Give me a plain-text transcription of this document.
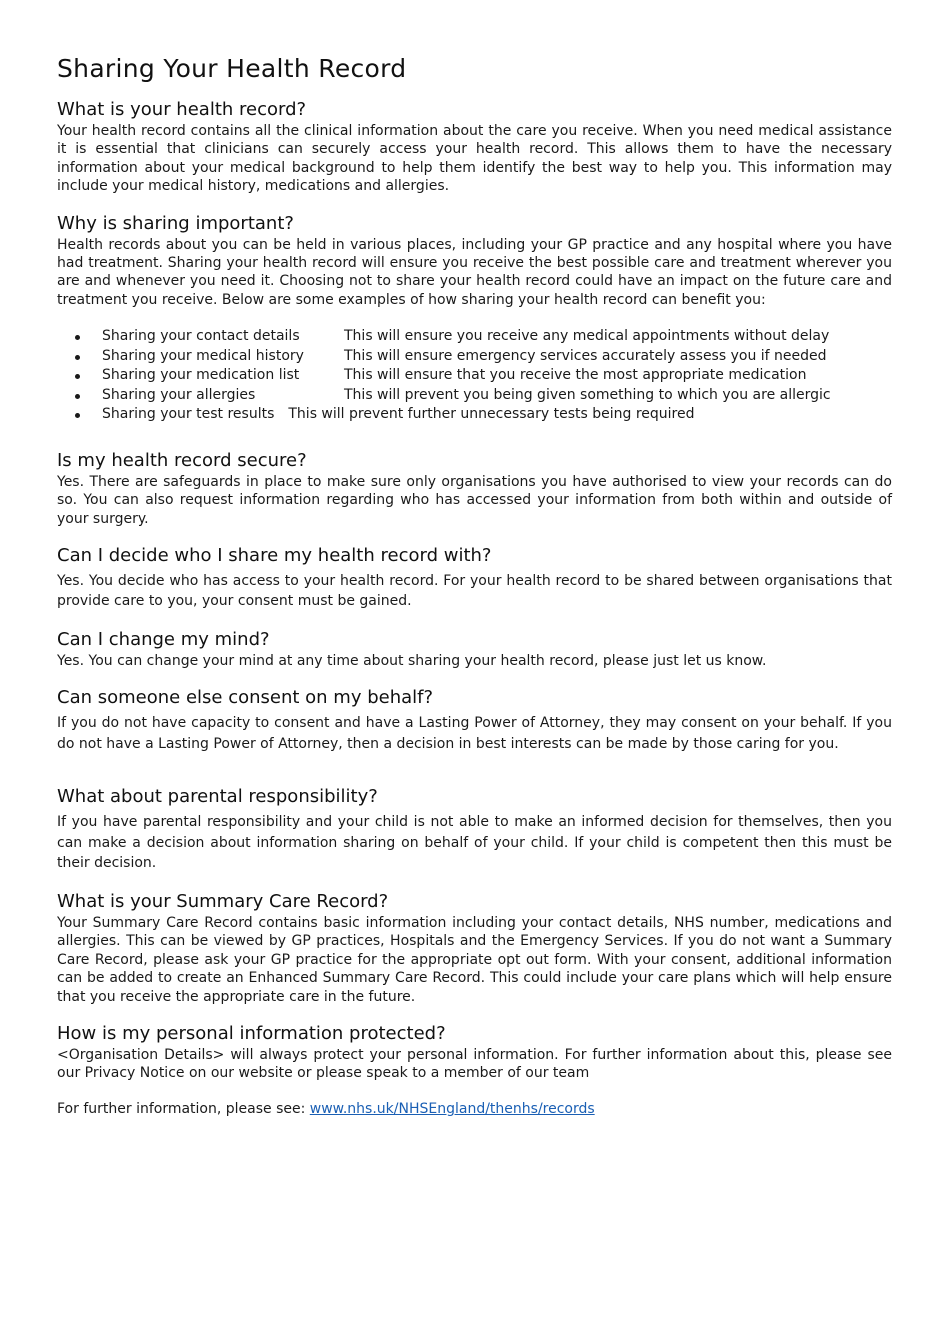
Sharing Your Health Record
What is your health record?

Your health record contains all the clinical information about the care you receive. When you need medical assistance it is essential that clinicians can securely access your health record. This allows them to have the necessary information about your medical background to help them identify the best way to help you. This information may include your medical history, medications and allergies.

Why is sharing important?

Health records about you can be held in various places, including your GP practice and any hospital where you have had treatment. Sharing your health record will ensure you receive the best possible care and treatment wherever you are and whenever you need it. Choosing not to share your health record could have an impact on the future care and treatment you receive. Below are some examples of how sharing your health record can benefit you:

Sharing your contact details	This will ensure you receive any medical appointments without delay
Sharing your medical history	This will ensure emergency services accurately assess you if needed
Sharing your medication list	This will ensure that you receive the most appropriate medication
Sharing your allergies	This will prevent you being given something to which you are allergic
Sharing your test results This will prevent further unnecessary tests being required
Is my health record secure?

Yes. There are safeguards in place to make sure only organisations you have authorised to view your records can do so. You can also request information regarding who has accessed your information from both within and outside of your surgery.

Can I decide who I share my health record with?

Yes. You decide who has access to your health record. For your health record to be shared between organisations that provide care to you, your consent must be gained.

Can I change my mind?

Yes. You can change your mind at any time about sharing your health record, please just let us know.

Can someone else consent on my behalf?

If you do not have capacity to consent and have a Lasting Power of Attorney, they may consent on your behalf. If you do not have a Lasting Power of Attorney, then a decision in best interests can be made by those caring for you.

What about parental responsibility?

If you have parental responsibility and your child is not able to make an informed decision for themselves, then you can make a decision about information sharing on behalf of your child. If your child is competent then this must be their decision.

What is your Summary Care Record?

Your Summary Care Record contains basic information including your contact details, NHS number, medications and allergies. This can be viewed by GP practices, Hospitals and the Emergency Services. If you do not want a Summary Care Record, please ask your GP practice for the appropriate opt out form. With your consent, additional information can be added to create an Enhanced Summary Care Record. This could include your care plans which will help ensure that you receive the appropriate care in the future.

How is my personal information protected?

<Organisation Details> will always protect your personal information. For further information about this, please see our Privacy Notice on our website or please speak to a member of our team

For further information, please see: www.nhs.uk/NHSEngland/thenhs/records
